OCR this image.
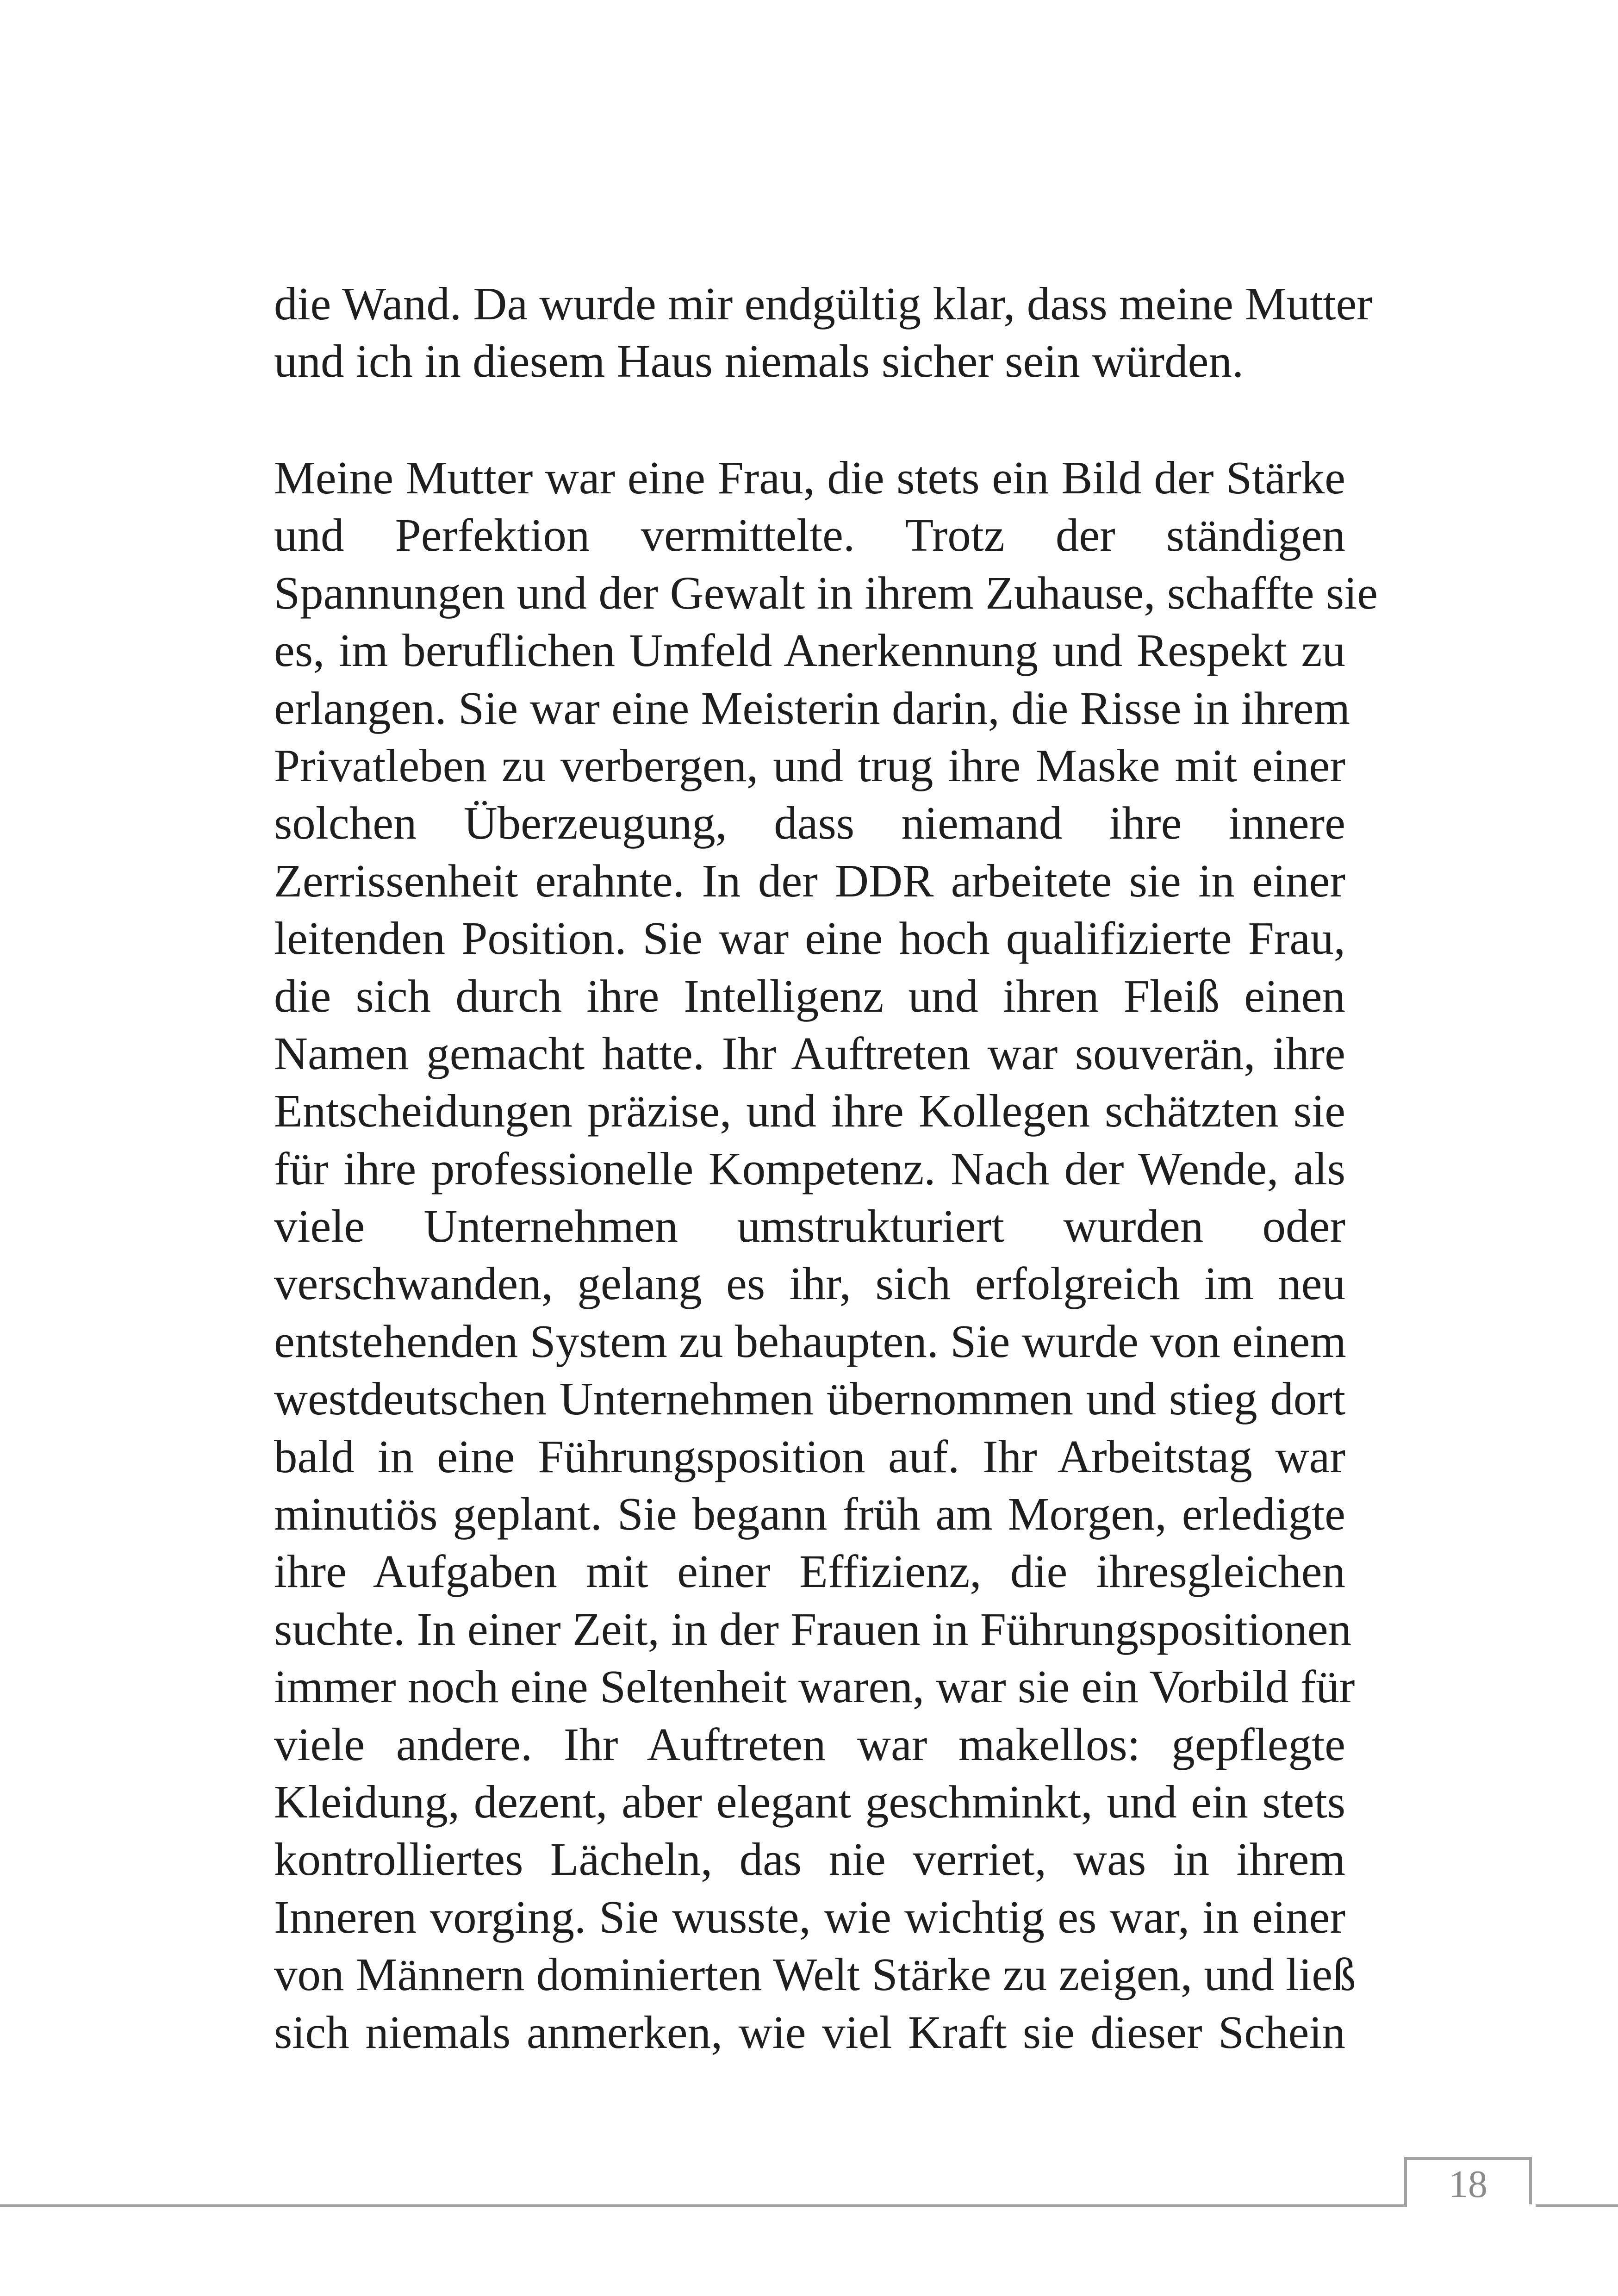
die Wand. Da wurde mir endgültig klar, dass meine Mutter
und ich in diesem Haus niemals sicher sein würden.
Meine Mutter war eine Frau, die stets ein Bild der Stärke
und Perfektion vermittelte. Trotz der ständigen
Spannungen und der Gewalt in ihrem Zuhause, schaffte sie
es, im beruflichen Umfeld Anerkennung und Respekt zu
erlangen. Sie war eine Meisterin darin, die Risse in ihrem
Privatleben zu verbergen, und trug ihre Maske mit einer
solchen Überzeugung, dass niemand ihre innere
Zerrissenheit erahnte. In der DDR arbeitete sie in einer
leitenden Position. Sie war eine hoch qualifizierte Frau,
die sich durch ihre Intelligenz und ihren Fleiß einen
Namen gemacht hatte. Ihr Auftreten war souverän, ihre
Entscheidungen präzise, und ihre Kollegen schätzten sie
für ihre professionelle Kompetenz. Nach der Wende, als
viele Unternehmen umstrukturiert wurden oder
verschwanden, gelang es ihr, sich erfolgreich im neu
entstehenden System zu behaupten. Sie wurde von einem
westdeutschen Unternehmen übernommen und stieg dort
bald in eine Führungsposition auf. Ihr Arbeitstag war
minutiös geplant. Sie begann früh am Morgen, erledigte
ihre Aufgaben mit einer Effizienz, die ihresgleichen
suchte. In einer Zeit, in der Frauen in Führungspositionen
immer noch eine Seltenheit waren, war sie ein Vorbild für
viele andere. Ihr Auftreten war makellos: gepflegte
Kleidung, dezent, aber elegant geschminkt, und ein stets
kontrolliertes Lächeln, das nie verriet, was in ihrem
Inneren vorging. Sie wusste, wie wichtig es war, in einer
von Männern dominierten Welt Stärke zu zeigen, und ließ
sich niemals anmerken, wie viel Kraft sie dieser Schein
18
